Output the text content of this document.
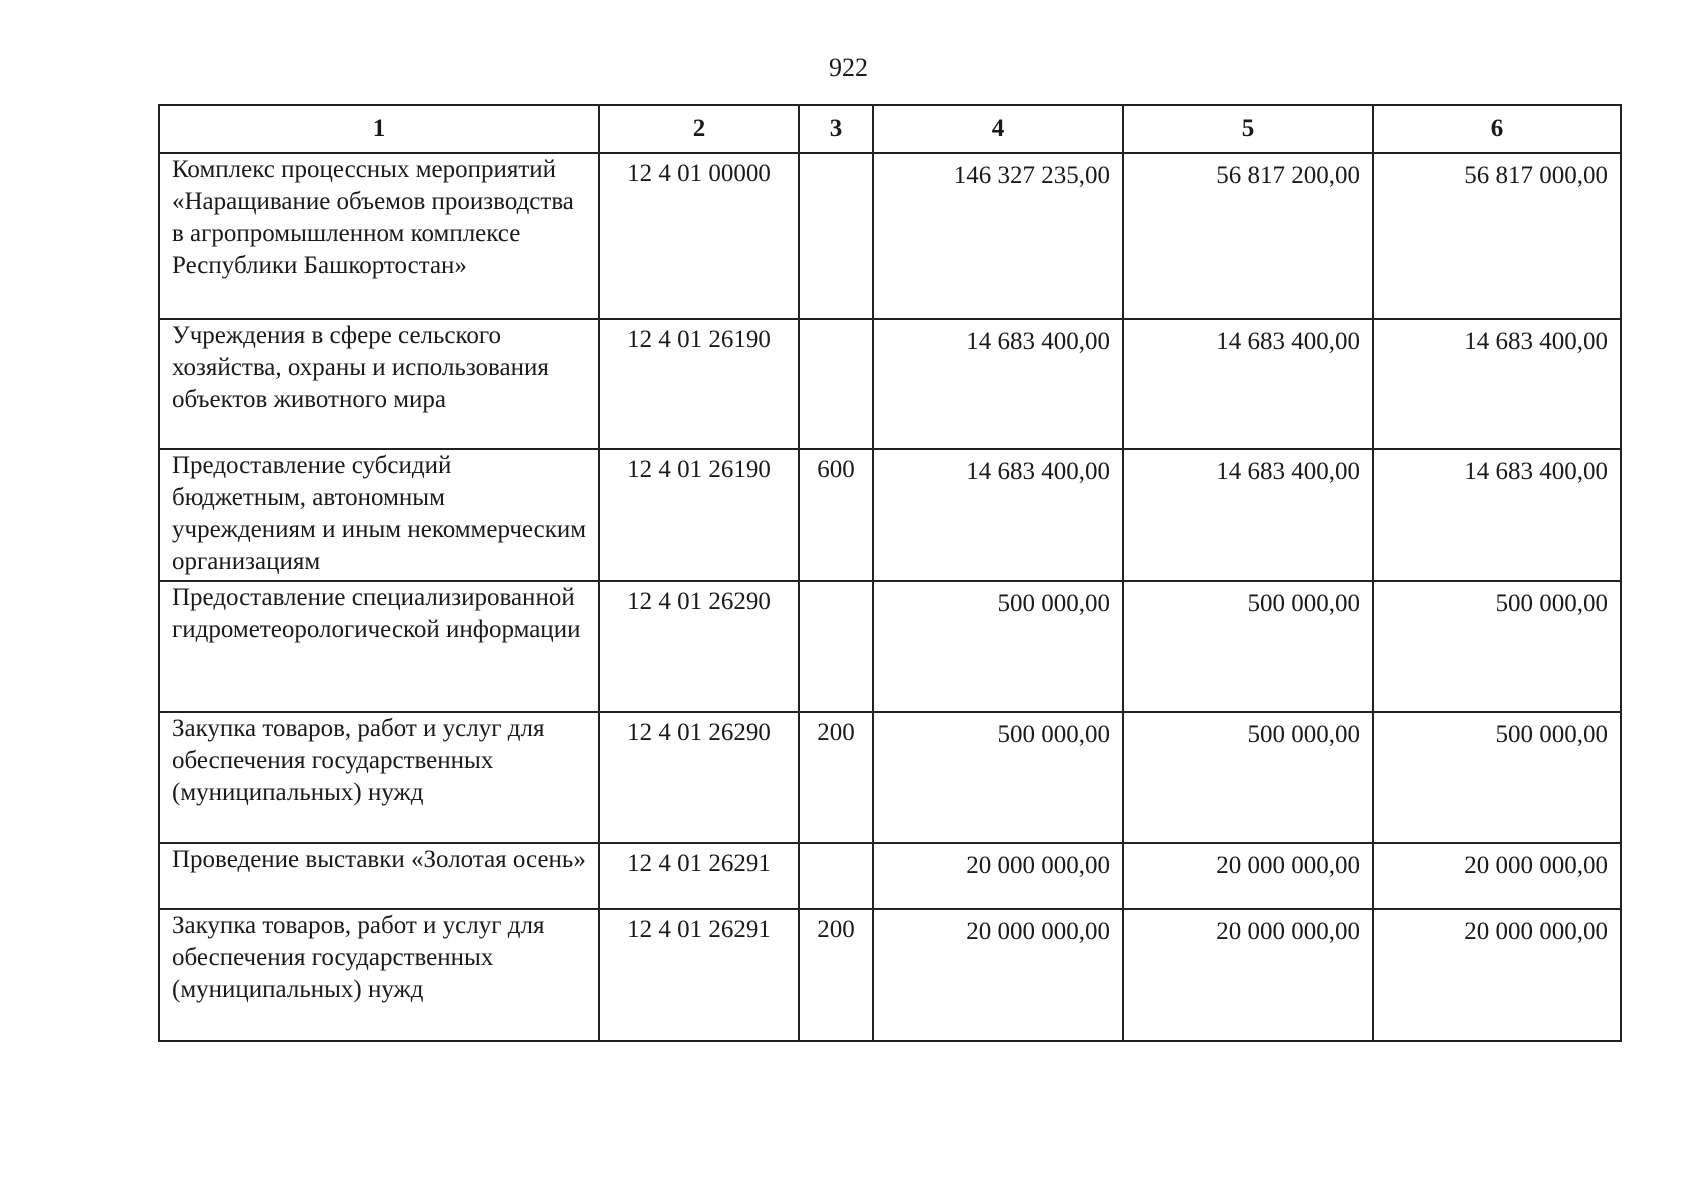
922
1	2	3	4	5	6
Комплекс процессных мероприятий «Наращивание объемов производства в агропромышленном комплексе Республики Башкортостан»	12 4 01 00000		146 327 235,00	56 817 200,00	56 817 000,00
Учреждения в сфере сельского хозяйства, охраны и использования объектов животного мира	12 4 01 26190		14 683 400,00	14 683 400,00	14 683 400,00
Предоставление субсидий бюджетным, автономным учреждениям и иным некоммерческим организациям	12 4 01 26190	600	14 683 400,00	14 683 400,00	14 683 400,00
Предоставление специализированной гидрометеорологической информации	12 4 01 26290		500 000,00	500 000,00	500 000,00
Закупка товаров, работ и услуг для обеспечения государственных (муниципальных) нужд	12 4 01 26290	200	500 000,00	500 000,00	500 000,00
Проведение выставки «Золотая осень»	12 4 01 26291		20 000 000,00	20 000 000,00	20 000 000,00
Закупка товаров, работ и услуг для обеспечения государственных (муниципальных) нужд	12 4 01 26291	200	20 000 000,00	20 000 000,00	20 000 000,00
